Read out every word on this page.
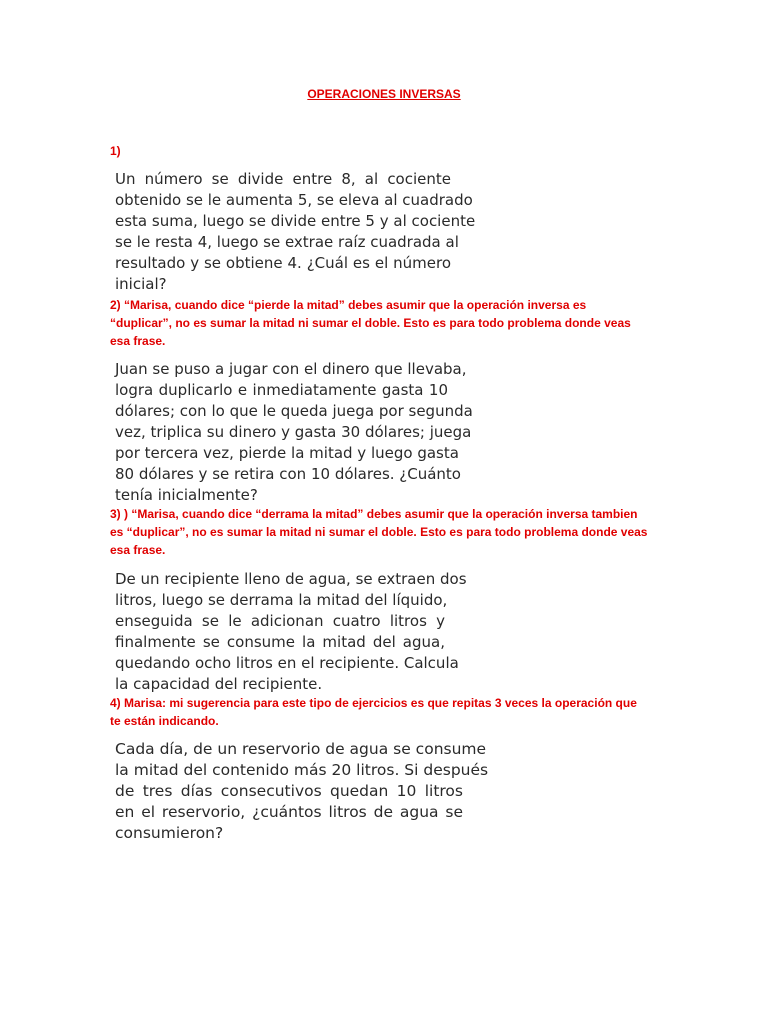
OPERACIONES INVERSAS
1)
Un número se divide entre 8, al cociente
obtenido se le aumenta 5, se eleva al cuadrado
esta suma, luego se divide entre 5 y al cociente
se le resta 4, luego se extrae raíz cuadrada al
resultado y se obtiene 4. ¿Cuál es el número
inicial?
2) “Marisa, cuando dice “pierde la mitad” debes asumir que la operación inversa es
“duplicar”, no es sumar la mitad ni sumar el doble. Esto es para todo problema donde veas
esa frase.
Juan se puso a jugar con el dinero que llevaba,
logra duplicarlo e inmediatamente gasta 10
dólares; con lo que le queda juega por segunda
vez, triplica su dinero y gasta 30 dólares; juega
por tercera vez, pierde la mitad y luego gasta
80 dólares y se retira con 10 dólares. ¿Cuánto
tenía inicialmente?
3) ) “Marisa, cuando dice “derrama la mitad” debes asumir que la operación inversa tambien
es “duplicar”, no es sumar la mitad ni sumar el doble. Esto es para todo problema donde veas
esa frase.
De un recipiente lleno de agua, se extraen dos
litros, luego se derrama la mitad del líquido,
enseguida se le adicionan cuatro litros y
finalmente se consume la mitad del agua,
quedando ocho litros en el recipiente. Calcula
la capacidad del recipiente.
4) Marisa: mi sugerencia para este tipo de ejercicios es que repitas 3 veces la operación que
te están indicando.
Cada día, de un reservorio de agua se consume
la mitad del contenido más 20 litros. Si después
de tres días consecutivos quedan 10 litros
en el reservorio, ¿cuántos litros de agua se
consumieron?
